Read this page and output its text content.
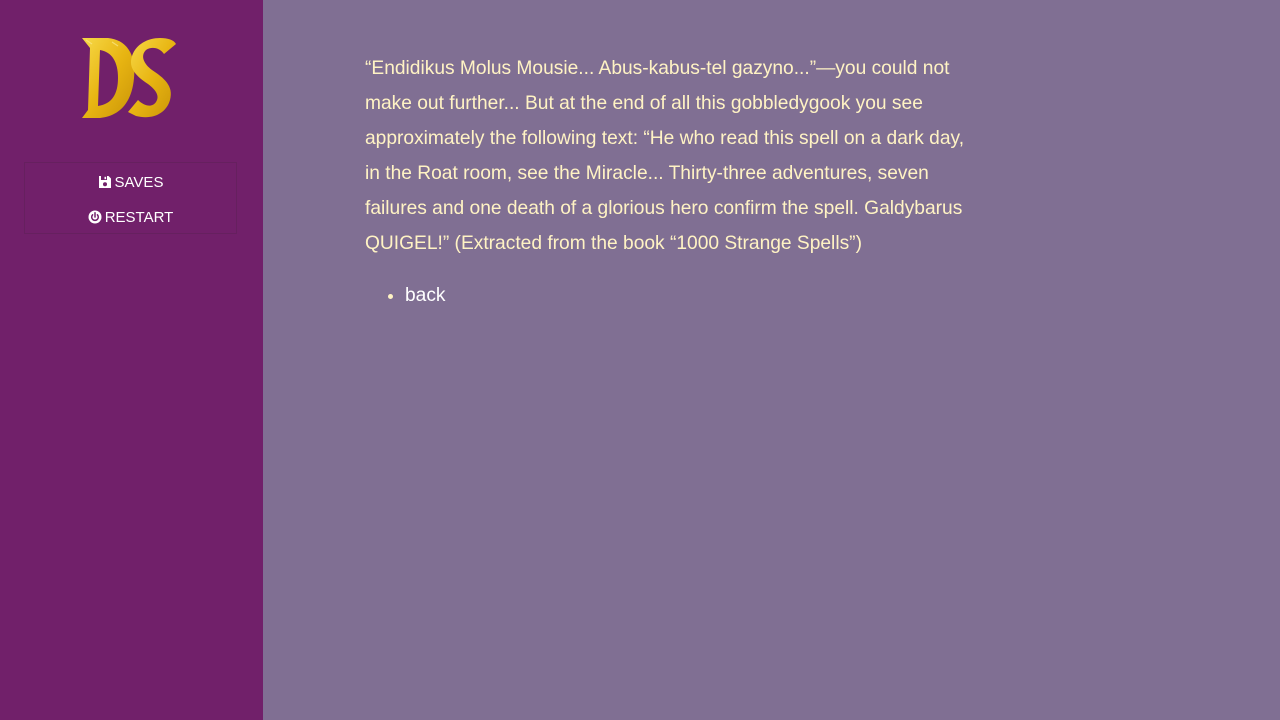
SAVES
RESTART

“Endidikus Molus Mousie... Abus-kabus-tel gazyno...”—you could not make out further... But at the end of all this gobbledygook you see approximately the following text: “He who read this spell on a dark day, in the Roat room, see the Miracle... Thirty-three adventures, seven failures and one death of a glorious hero confirm the spell. Galdybarus QUIGEL!” (Extracted from the book “1000 Strange Spells”)

• back
